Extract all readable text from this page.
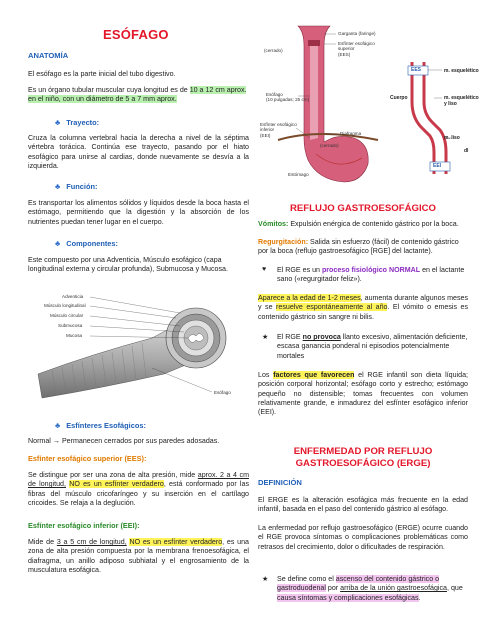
ESÓFAGO
ANATOMÍA

El esófago es la parte inicial del tubo digestivo.

Es un órgano tubular muscular cuya longitud es de 10 a 12 cm aprox. en el niño, con un diámetro de 5 a 7 mm aprox.

♣ Trayecto:

Cruza la columna vertebral hacia la derecha a nivel de la séptima vértebra torácica. Continúa ese trayecto, pasando por el hiato esofágico para unirse al cardias, donde nuevamente se desvía a la izquierda.

♣ Función:

Es transportar los alimentos sólidos y líquidos desde la boca hasta el estómago, permitiendo que la digestión y la absorción de los nutrientes puedan tener lugar en el cuerpo.

♣ Componentes:

Este compuesto por una Adventicia, Músculo esofágico (capa longitudinal externa y circular profunda), Submucosa y Mucosa.

Adventicia
Músculo longitudinal
Músculo circular
Submucosa
Mucosa
Esófago
♣ Esfínteres Esofágicos:

Normal → Permanecen cerrados por sus paredes adosadas.

Esfínter esofágico superior (EES):

Se distingue por ser una zona de alta presión, mide aprox. 2 a 4 cm de longitud, NO es un esfínter verdadero, está conformado por las fibras del músculo cricofaríngeo y su inserción en el cartílago cricoides. Se relaja a la deglución.

Esfínter esofágico inferior (EEI):

Mide de 3 a 5 cm de longitud, NO es un esfínter verdadero, es una zona de alta presión compuesta por la membrana frenoesofágica, el diafragma, un anillo adiposo subhiatal y el engrosamiento de la musculatura esofágica.

Garganta (faringe)
Esfínter esofágico
superior
(EES)
(cerrado)
Esófago
(10 pulgadas; 25 cm)
Esfínter esofágico
inferior
(EEI)	Diafragma
(cerrado)
Estómago
EES
EEI
m. esquelético
Cuerpo	m. esquelético
y liso
m. liso
dl
REFLUJO GASTROESOFÁGICO

Vómitos: Expulsión enérgica de contenido gástrico por la boca.

Regurgitación: Salida sin esfuerzo (fácil) de contenido gástrico por la boca (reflujo gastroesofágico [RGE] del lactante).

♥ El RGE es un proceso fisiológico NORMAL en el lactante sano («regurgitador feliz»).

Aparece a la edad de 1-2 meses, aumenta durante algunos meses y se resuelve espontáneamente al año. El vómito o emesis es contenido gástrico sin sangre ni bilis.

★ El RGE no provoca llanto excesivo, alimentación deficiente, escasa ganancia ponderal ni episodios potencialmente mortales

Los factores que favorecen el RGE infantil son dieta líquida; posición corporal horizontal; esófago corto y estrecho; estómago pequeño no distensible; tomas frecuentes con volumen relativamente grande, e inmadurez del esfínter esofágico inferior (EEI).

ENFERMEDAD POR REFLUJO GASTROESOFÁGICO (ERGE)
DEFINICIÓN

El ERGE es la alteración esofágica más frecuente en la edad infantil, basada en el paso del contenido gástrico al esófago.

La enfermedad por reflujo gastroesofágico (ERGE) ocurre cuando el RGE provoca síntomas o complicaciones problemáticas como retrasos del crecimiento, dolor o dificultades de respiración.

★ Se define como el ascenso del contenido gástrico o gastroduodenal por arriba de la unión gastroesofágica, que causa síntomas y complicaciones esofágicas.
